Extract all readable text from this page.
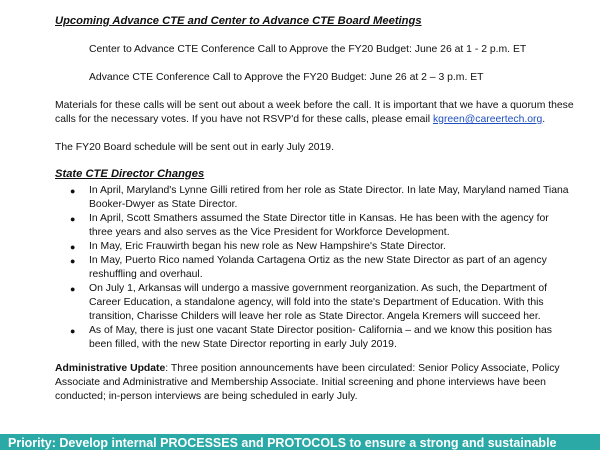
Upcoming Advance CTE and Center to Advance CTE Board Meetings

Center to Advance CTE Conference Call to Approve the FY20 Budget: June 26 at 1 - 2 p.m. ET

Advance CTE Conference Call to Approve the FY20 Budget: June 26 at 2 – 3 p.m. ET

Materials for these calls will be sent out about a week before the call. It is important that we have a quorum these calls for the necessary votes. If you have not RSVP'd for these calls, please email kgreen@careertech.org.

The FY20 Board schedule will be sent out in early July 2019.

State CTE Director Changes

● In April, Maryland's Lynne Gilli retired from her role as State Director. In late May, Maryland named Tiana Booker-Dwyer as State Director.
● In April, Scott Smathers assumed the State Director title in Kansas. He has been with the agency for three years and also serves as the Vice President for Workforce Development.
● In May, Eric Frauwirth began his new role as New Hampshire's State Director.
● In May, Puerto Rico named Yolanda Cartagena Ortiz as the new State Director as part of an agency reshuffling and overhaul.
● On July 1, Arkansas will undergo a massive government reorganization. As such, the Department of Career Education, a standalone agency, will fold into the state's Department of Education. With this transition, Charisse Childers will leave her role as State Director. Angela Kremers will succeed her.
● As of May, there is just one vacant State Director position- California – and we know this position has been filled, with the new State Director reporting in early July 2019.

Administrative Update: Three position announcements have been circulated: Senior Policy Associate, Policy Associate and Administrative and Membership Associate. Initial screening and phone interviews have been conducted; in-person interviews are being scheduled in early July.

Priority: Develop internal PROCESSES and PROTOCOLS to ensure a strong and sustainable
